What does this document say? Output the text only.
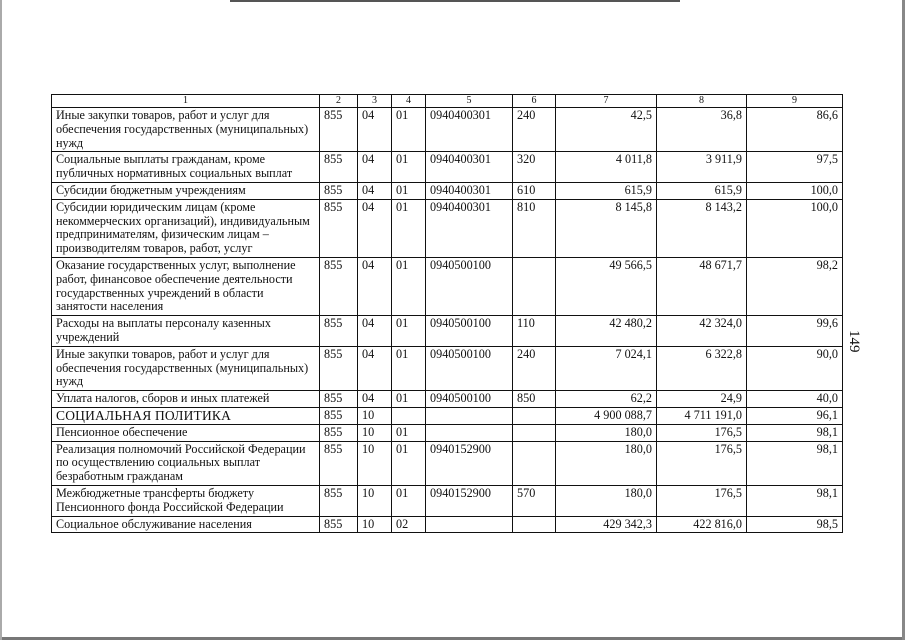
149
1	2	3	4	5	6	7	8	9
Иные закупки товаров, работ и услуг для обеспечения государственных (муниципальных) нужд	855	04	01	0940400301	240	42,5	36,8	86,6
Социальные выплаты гражданам, кроме публичных нормативных социальных выплат	855	04	01	0940400301	320	4 011,8	3 911,9	97,5
Субсидии бюджетным учреждениям	855	04	01	0940400301	610	615,9	615,9	100,0
Субсидии юридическим лицам (кроме некоммерческих организаций), индивидуальным предпринимателям, физическим лицам – производителям товаров, работ, услуг	855	04	01	0940400301	810	8 145,8	8 143,2	100,0
Оказание государственных услуг, выполнение работ, финансовое обеспечение деятельности государственных учреждений в области занятости населения	855	04	01	0940500100		49 566,5	48 671,7	98,2
Расходы на выплаты персоналу казенных учреждений	855	04	01	0940500100	110	42 480,2	42 324,0	99,6
Иные закупки товаров, работ и услуг для обеспечения государственных (муниципальных) нужд	855	04	01	0940500100	240	7 024,1	6 322,8	90,0
Уплата налогов, сборов и иных платежей	855	04	01	0940500100	850	62,2	24,9	40,0
СОЦИАЛЬНАЯ ПОЛИТИКА	855	10				4 900 088,7	4 711 191,0	96,1
Пенсионное обеспечение	855	10	01			180,0	176,5	98,1
Реализация полномочий Российской Федерации по осуществлению социальных выплат безработным гражданам	855	10	01	0940152900		180,0	176,5	98,1
Межбюджетные трансферты бюджету Пенсионного фонда Российской Федерации	855	10	01	0940152900	570	180,0	176,5	98,1
Социальное обслуживание населения	855	10	02			429 342,3	422 816,0	98,5
